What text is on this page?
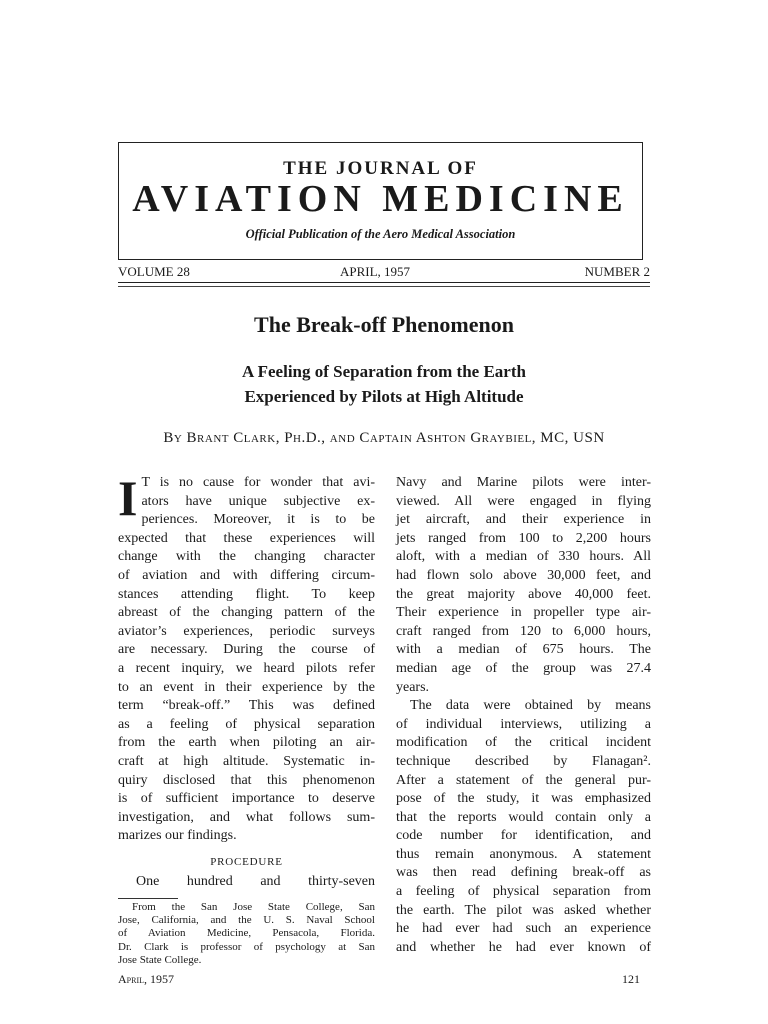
THE JOURNAL OF
AVIATION MEDICINE
Official Publication of the Aero Medical Association
VOLUME 28	APRIL, 1957	NUMBER 2
The Break-off Phenomenon
A Feeling of Separation from the Earth
Experienced by Pilots at High Altitude
By Brant Clark, Ph.D., and Captain Ashton Graybiel, MC, USN
I T is no cause for wonder that avi-
ators have unique subjective ex-
periences. Moreover, it is to be
expected that these experiences will
change with the changing character
of aviation and with differing circum-
stances attending flight. To keep
abreast of the changing pattern of the
aviator’s experiences, periodic surveys
are necessary. During the course of
a recent inquiry, we heard pilots refer
to an event in their experience by the
term “break-off.” This was defined
as a feeling of physical separation
from the earth when piloting an air-
craft at high altitude. Systematic in-
quiry disclosed that this phenomenon
is of sufficient importance to deserve
investigation, and what follows sum-
marizes our findings.
PROCEDURE
One hundred and thirty-seven
From the San Jose State College, San
Jose, California, and the U. S. Naval School
of Aviation Medicine, Pensacola, Florida.
Dr. Clark is professor of psychology at San
Jose State College.
Navy and Marine pilots were inter-
viewed. All were engaged in flying
jet aircraft, and their experience in
jets ranged from 100 to 2,200 hours
aloft, with a median of 330 hours. All
had flown solo above 30,000 feet, and
the great majority above 40,000 feet.
Their experience in propeller type air-
craft ranged from 120 to 6,000 hours,
with a median of 675 hours. The
median age of the group was 27.4
years.
The data were obtained by means
of individual interviews, utilizing a
modification of the critical incident
technique described by Flanagan².
After a statement of the general pur-
pose of the study, it was emphasized
that the reports would contain only a
code number for identification, and
thus remain anonymous. A statement
was then read defining break-off as
a feeling of physical separation from
the earth. The pilot was asked whether
he had ever had such an experience
and whether he had ever known of
April, 1957	121
